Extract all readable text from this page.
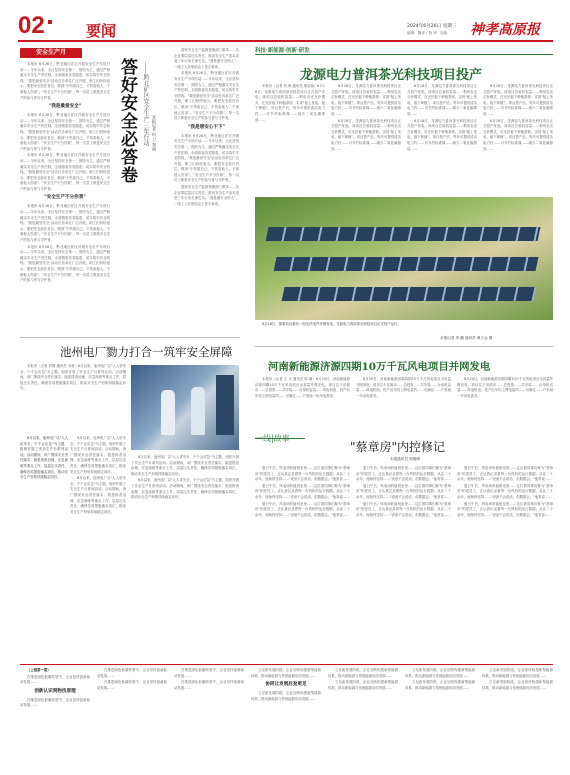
02	要闻	2024年6月26日 星期三
编辑：魏虎 / 校 审 · 组版 神孝高原报
安全生产月

本报讯 6月26日，黔北地区矿区开展安全生产专项行动……今年以来，全区坚持安全第一、预防为主，通过严格落实安全生产责任制，全面排查各类隐患，切实筑牢安全防线。"我是最爱安全"活动在各单位广泛开展，职工们纷纷表示，要把安全放在首位，做到"不伤害自己、不伤害他人、不被他人伤害"。"安全生产不分你我"，每一名员工都是安全生产的参与者与守护者。

"我是最爱安全"

本报讯 6月26日，黔北地区矿区开展安全生产专项行动……今年以来，全区坚持安全第一、预防为主，通过严格落实安全生产责任制，全面排查各类隐患，切实筑牢安全防线。"我是最爱安全"活动在各单位广泛开展，职工们纷纷表示，要把安全放在首位，做到"不伤害自己、不伤害他人、不被他人伤害"。"安全生产不分你我"，每一名员工都是安全生产的参与者与守护者。

本报讯 6月26日，黔北地区矿区开展安全生产专项行动……今年以来，全区坚持安全第一、预防为主，通过严格落实安全生产责任制，全面排查各类隐患，切实筑牢安全防线。"我是最爱安全"活动在各单位广泛开展，职工们纷纷表示，要把安全放在首位，做到"不伤害自己、不伤害他人、不被他人伤害"。"安全生产不分你我"，每一名员工都是安全生产的参与者与守护者。

"安全生产不分你我"

本报讯 6月26日，黔北地区矿区开展安全生产专项行动……今年以来，全区坚持安全第一、预防为主，通过严格落实安全生产责任制，全面排查各类隐患，切实筑牢安全防线。"我是最爱安全"活动在各单位广泛开展，职工们纷纷表示，要把安全放在首位，做到"不伤害自己、不伤害他人、不被他人伤害"。"安全生产不分你我"，每一名员工都是安全生产的参与者与守护者。

本报讯 6月26日，黔北地区矿区开展安全生产专项行动……今年以来，全区坚持安全第一、预防为主，通过严格落实安全生产责任制，全面排查各类隐患，切实筑牢安全防线。"我是最爱安全"活动在各单位广泛开展，职工们纷纷表示，要把安全放在首位，做到"不伤害自己、不伤害他人、不被他人伤害"。"安全生产不分你我"，每一名员工都是安全生产的参与者与守护者。

答好安全必答卷 ——黔北矿区安全生产三年行动 本报记者 何 卫 郑丽

国家安全生产监督管理部门要求……各企业要层层压实责任，推动安全生产治本攻坚三年行动走深走实。"我是最安全的人"，一线工人在班前会上签字承诺。

本报讯 6月26日，黔北地区矿区开展安全生产专项行动……今年以来，全区坚持安全第一、预防为主，通过严格落实安全生产责任制，全面排查各类隐患，切实筑牢安全防线。"我是最爱安全"活动在各单位广泛开展，职工们纷纷表示，要把安全放在首位，做到"不伤害自己、不伤害他人、不被他人伤害"。"安全生产不分你我"，每一名员工都是安全生产的参与者与守护者。

"我是想安心干下"

本报讯 6月26日，黔北地区矿区开展安全生产专项行动……今年以来，全区坚持安全第一、预防为主，通过严格落实安全生产责任制，全面排查各类隐患，切实筑牢安全防线。"我是最爱安全"活动在各单位广泛开展，职工们纷纷表示，要把安全放在首位，做到"不伤害自己、不伤害他人、不被他人伤害"。"安全生产不分你我"，每一名员工都是安全生产的参与者与守护者。

国家安全生产监督管理部门要求……各企业要层层压实责任，推动安全生产治本攻坚三年行动走深走实。"我是最安全的人"，一线工人在班前会上签字承诺。

池州电厂勠力打合一筑牢安全屏障

本报讯（记者 刘静 通讯员 吴莉）6月以来，池州电厂以"人人讲安全、个个会应急"为主题，组织开展了安全生产月系列活动。活动期间，该厂围绕安全责任落实、隐患排查治理、应急演练等重点工作，层层压实责任，确保各项措施落实到位，推动安全生产形势持续稳定向好。

6月以来，池州电厂以"人人讲安全、个个会应急"为主题，组织开展了安全生产月系列活动。活动期间，该厂围绕安全责任落实、隐患排查治理、应急演练等重点工作，层层压实责任，确保各项措施落实到位，推动安全生产形势持续稳定向好。

6月以来，池州电厂以"人人讲安全、个个会应急"为主题，组织开展了安全生产月系列活动。活动期间，该厂围绕安全责任落实、隐患排查治理、应急演练等重点工作，层层压实责任，确保各项措施落实到位，推动安全生产形势持续稳定向好。

6月以来，池州电厂以"人人讲安全、个个会应急"为主题，组织开展了安全生产月系列活动。活动期间，该厂围绕安全责任落实、隐患排查治理、应急演练等重点工作，层层压实责任，确保各项措施落实到位，推动安全生产形势持续稳定向好。

6月以来，池州电厂以"人人讲安全、个个会应急"为主题，组织开展了安全生产月系列活动。活动期间，该厂围绕安全责任落实、隐患排查治理、应急演练等重点工作，层层压实责任，确保各项措施落实到位，推动安全生产形势持续稳定向好。

6月以来，池州电厂以"人人讲安全、个个会应急"为主题，组织开展了安全生产月系列活动。活动期间，该厂围绕安全责任落实、隐患排查治理、应急演练等重点工作，层层压实责任，确保各项措施落实到位，推动安全生产形势持续稳定向好。

科技·新能源·创新·研发
龙源电力普洱茶光科技项目投产

本报讯（记者 刘 海 通讯员 秦蓓蓓）6月18日，龙源电力普洱茶光科技项目正式投产发电。该项目总装机容量……利用农光互补模式，在光伏板下种植茶树，实现"板上发电、板下种植"。项目投产后，每年可提供清洁电力约……可节约标准煤……减少二氧化碳排放……

6月18日，龙源电力普洱茶光科技项目正式投产发电。该项目总装机容量……利用农光互补模式，在光伏板下种植茶树，实现"板上发电、板下种植"。项目投产后，每年可提供清洁电力约……可节约标准煤……减少二氧化碳排放……

6月18日，龙源电力普洱茶光科技项目正式投产发电。该项目总装机容量……利用农光互补模式，在光伏板下种植茶树，实现"板上发电、板下种植"。项目投产后，每年可提供清洁电力约……可节约标准煤……减少二氧化碳排放……

6月18日，龙源电力普洱茶光科技项目正式投产发电。该项目总装机容量……利用农光互补模式，在光伏板下种植茶树，实现"板上发电、板下种植"。项目投产后，每年可提供清洁电力约……可节约标准煤……减少二氧化碳排放……

6月18日，龙源电力普洱茶光科技项目正式投产发电。该项目总装机容量……利用农光互补模式，在光伏板下种植茶树，实现"板上发电、板下种植"。项目投产后，每年可提供清洁电力约……可节约标准煤……减少二氧化碳排放……

6月18日，龙源电力普洱茶光科技项目正式投产发电。该项目总装机容量……利用农光互补模式，在光伏板下种植茶树，实现"板上发电、板下种植"。项目投产后，每年可提供清洁电力约……可节约标准煤……减少二氧化碳排放……

6月18日，龙源电力普洱茶光科技项目正式投产发电。该项目总装机容量……利用农光互补模式，在光伏板下种植茶树，实现"板上发电、板下种植"。项目投产后，每年可提供清洁电力约……可节约标准煤……减少二氧化碳排放……

6月18日，随着项目最后一组光伏组件并网发电，龙源电力普洱茶光科技项目正式投产运行。

本报记者 李 鹏 通讯员 黄少金 摄
河南新能源济源四期10万千瓦风电项目并网发电

本报讯（记者 王 平 通讯员 陈 珊）6月20日，河南新能源济源四期10万千瓦风电项目全容量并网发电。项目位于济源市……总投资……共安装……台单机容量……风电机组，投产后年均上网电量约……可满足……户家庭一年用电需求。

6月20日，河南新能源济源四期10万千瓦风电项目全容量并网发电。项目位于济源市……总投资……共安装……台单机容量……风电机组，投产后年均上网电量约……可满足……户家庭一年用电需求。

6月20日，河南新能源济源四期10万千瓦风电项目全容量并网发电。项目位于济源市……总投资……共安装……台单机容量……风电机组，投产后年均上网电量约……可满足……户家庭一年用电需求。

一线|故事
"蔡章房"内控修记
本报通讯员 郑明栩

夏日午后，风电场的值班室里……这位被同事们称为"蔡章房"的老员工，正认真记录着每一台风机的运行数据。从业二十余年，他始终坚持……"设备不会说话，但数据会。"他常说……

夏日午后，风电场的值班室里……这位被同事们称为"蔡章房"的老员工，正认真记录着每一台风机的运行数据。从业二十余年，他始终坚持……"设备不会说话，但数据会。"他常说……

夏日午后，风电场的值班室里……这位被同事们称为"蔡章房"的老员工，正认真记录着每一台风机的运行数据。从业二十余年，他始终坚持……"设备不会说话，但数据会。"他常说……

夏日午后，风电场的值班室里……这位被同事们称为"蔡章房"的老员工，正认真记录着每一台风机的运行数据。从业二十余年，他始终坚持……"设备不会说话，但数据会。"他常说……

夏日午后，风电场的值班室里……这位被同事们称为"蔡章房"的老员工，正认真记录着每一台风机的运行数据。从业二十余年，他始终坚持……"设备不会说话，但数据会。"他常说……

夏日午后，风电场的值班室里……这位被同事们称为"蔡章房"的老员工，正认真记录着每一台风机的运行数据。从业二十余年，他始终坚持……"设备不会说话，但数据会。"他常说……

夏日午后，风电场的值班室里……这位被同事们称为"蔡章房"的老员工，正认真记录着每一台风机的运行数据。从业二十余年，他始终坚持……"设备不会说话，但数据会。"他常说……

夏日午后，风电场的值班室里……这位被同事们称为"蔡章房"的老员工，正认真记录着每一台风机的运行数据。从业二十余年，他始终坚持……"设备不会说话，但数据会。"他常说……

夏日午后，风电场的值班室里……这位被同事们称为"蔡章房"的老员工，正认真记录着每一台风机的运行数据。从业二十余年，他始终坚持……"设备不会说话，但数据会。"他常说……

（上接第一版）

在推进绿色低碳转型中，企业坚持创新驱动发展……

创新认识到物技原理

在推进绿色低碳转型中，企业坚持创新驱动发展……

在推进绿色低碳转型中，企业坚持创新驱动发展……

在推进绿色低碳转型中，企业坚持创新驱动发展……

在推进绿色低碳转型中，企业坚持创新驱动发展……

在推进绿色低碳转型中，企业坚持创新驱动发展……

立足新发展阶段，企业加快构建新型能源体系，推动新能源与传统能源协同发展……

协同让发展后劲更足

立足新发展阶段，企业加快构建新型能源体系，推动新能源与传统能源协同发展……

立足新发展阶段，企业加快构建新型能源体系，推动新能源与传统能源协同发展……

立足新发展阶段，企业加快构建新型能源体系，推动新能源与传统能源协同发展……

立足新发展阶段，企业加快构建新型能源体系，推动新能源与传统能源协同发展……

立足新发展阶段，企业加快构建新型能源体系，推动新能源与传统能源协同发展……

立足新发展阶段，企业加快构建新型能源体系，推动新能源与传统能源协同发展……

立足新发展阶段，企业加快构建新型能源体系，推动新能源与传统能源协同发展……
